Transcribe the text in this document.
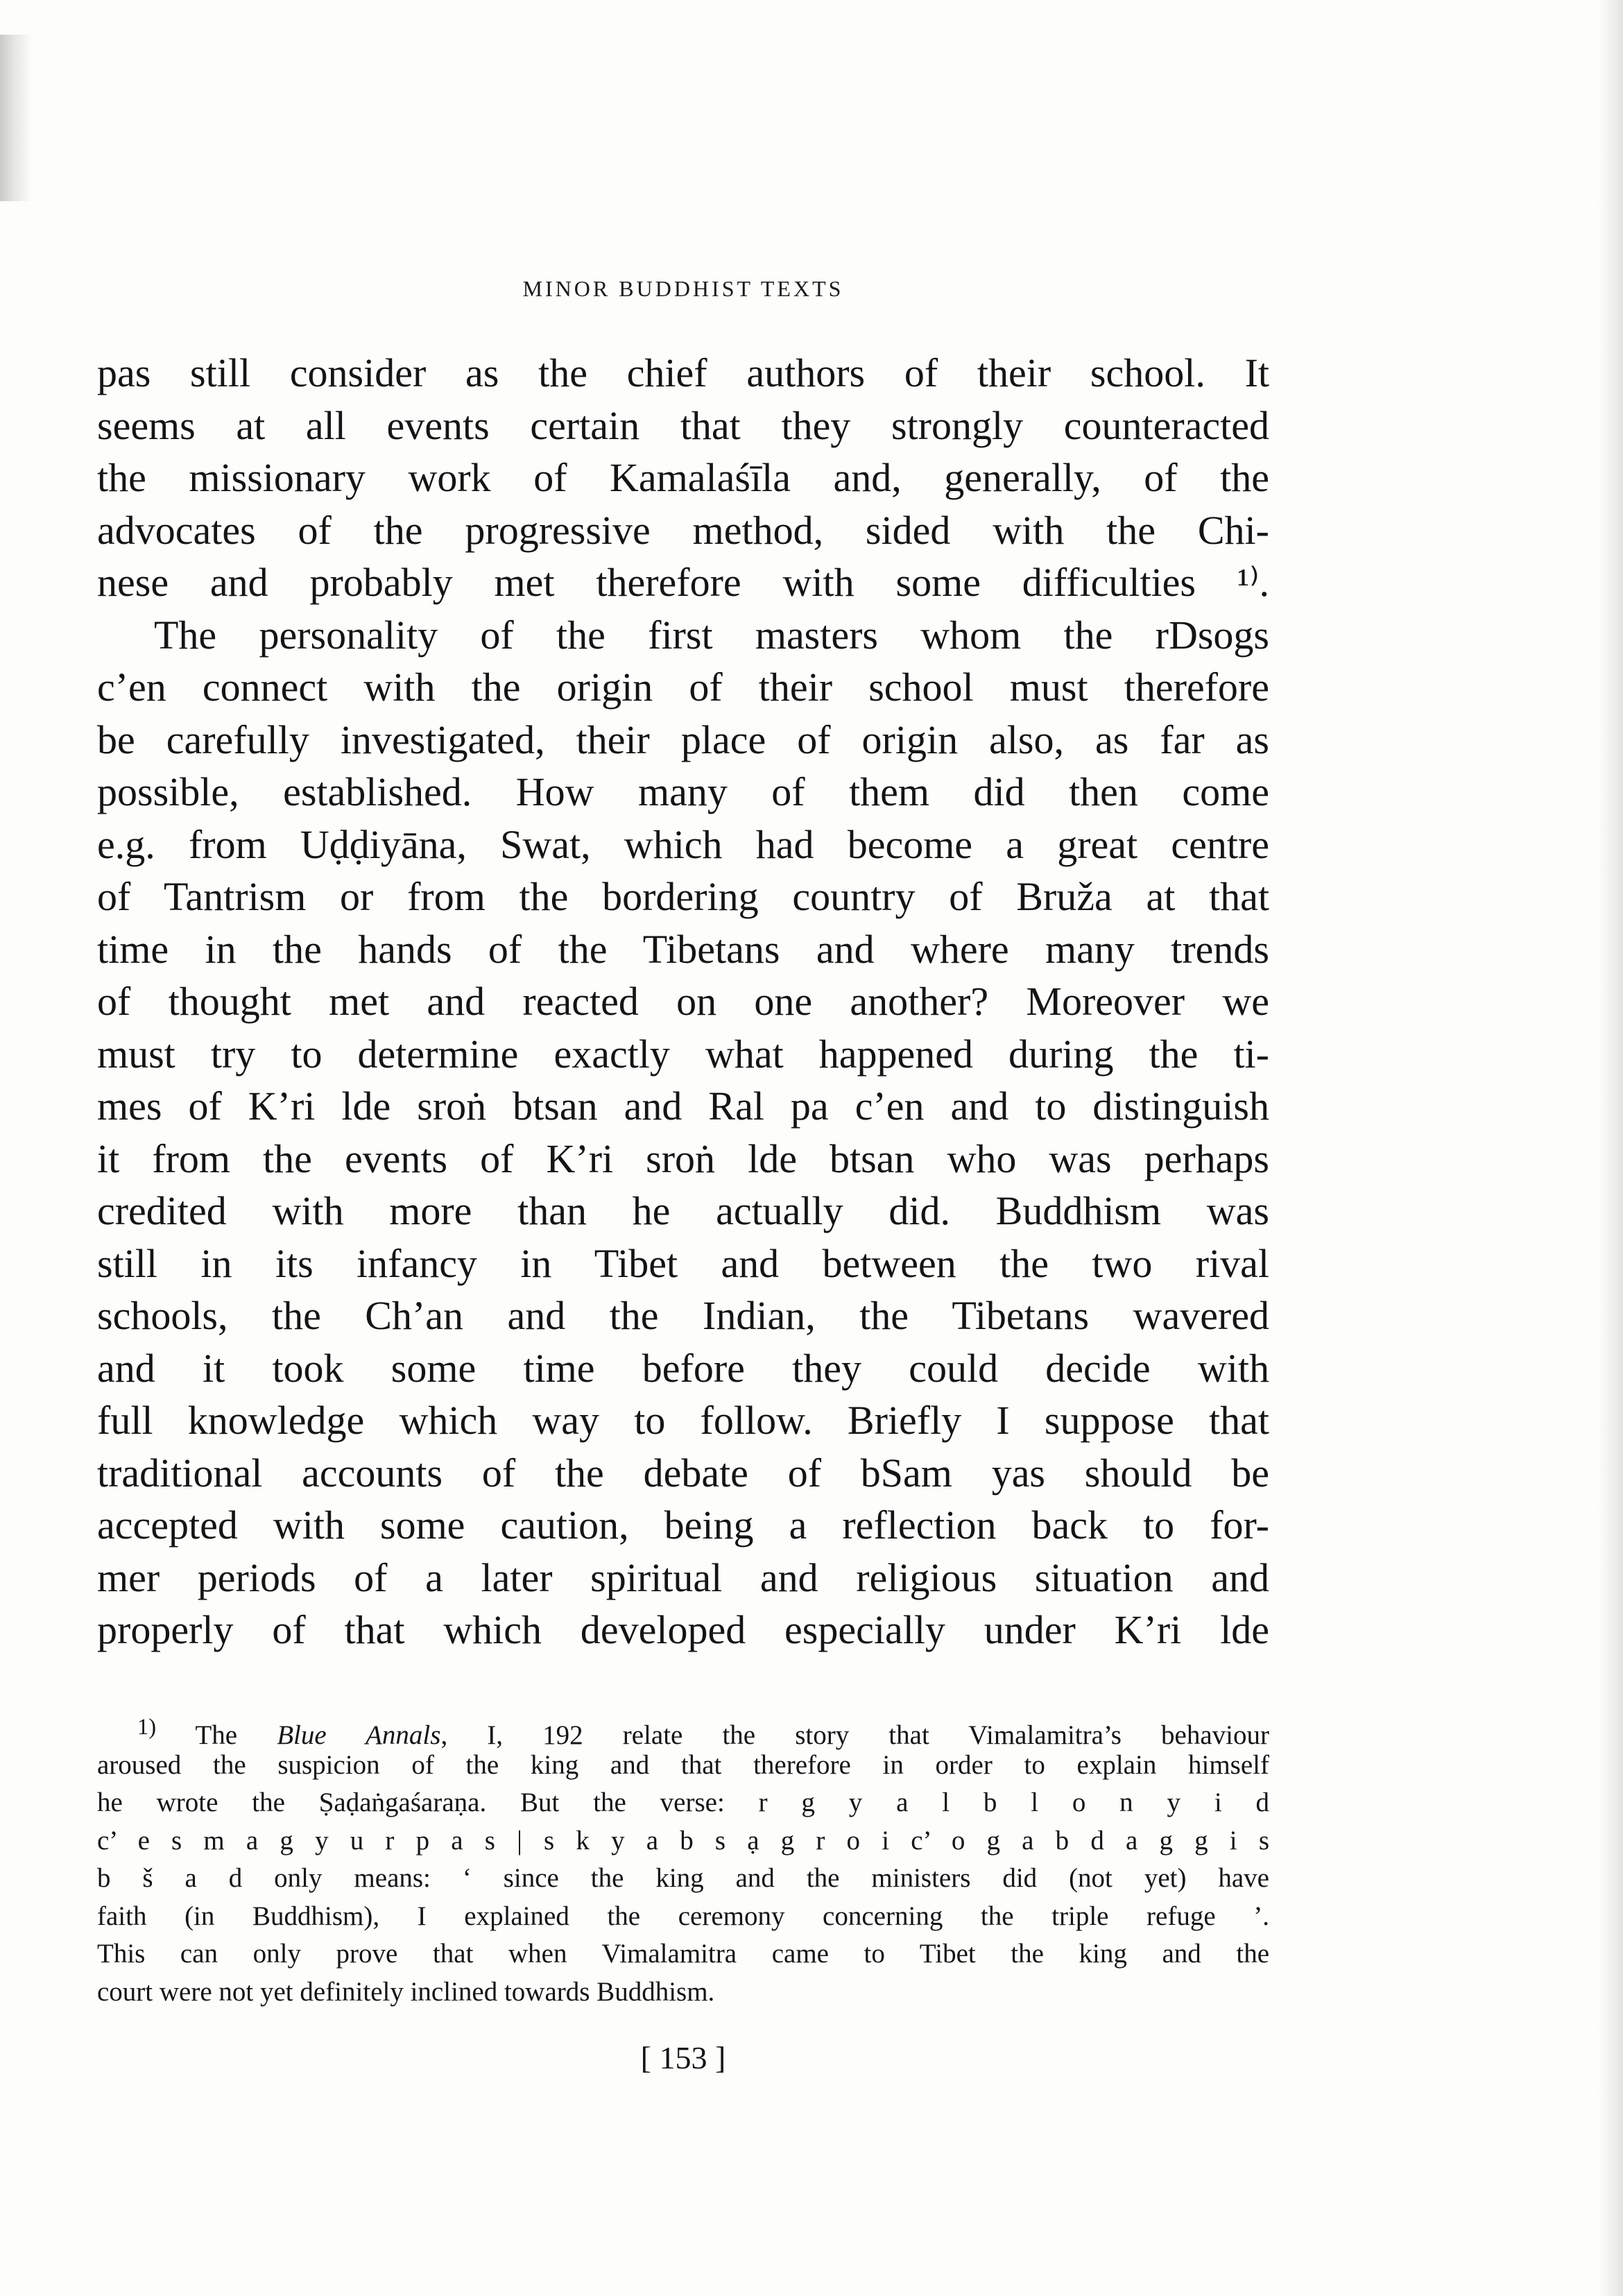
MINOR BUDDHIST TEXTS
pas still consider as the chief authors of their school. It
seems at all events certain that they strongly counteracted
the missionary work of Kamalaśīla and, generally, of the
advocates of the progressive method, sided with the Chi-
nese and probably met therefore with some difficulties ¹⁾.
The personality of the first masters whom the rDsogs
c’en connect with the origin of their school must therefore
be carefully investigated, their place of origin also, as far as
possible, established. How many of them did then come
e.g. from Uḍḍiyāna, Swat, which had become a great centre
of Tantrism or from the bordering country of Bruža at that
time in the hands of the Tibetans and where many trends
of thought met and reacted on one another? Moreover we
must try to determine exactly what happened during the ti-
mes of K’ri lde sroṅ btsan and Ral pa c’en and to distinguish
it from the events of K’ri sroṅ lde btsan who was perhaps
credited with more than he actually did. Buddhism was
still in its infancy in Tibet and between the two rival
schools, the Ch’an and the Indian, the Tibetans wavered
and it took some time before they could decide with
full knowledge which way to follow. Briefly I suppose that
traditional accounts of the debate of bSam yas should be
accepted with some caution, being a reflection back to for-
mer periods of a later spiritual and religious situation and
properly of that which developed especially under K’ri lde
$^{1)}$ The Blue Annals, I, 192 relate the story that Vimalamitra’s behaviour
aroused the suspicion of the king and that therefore in order to explain himself
he wrote the Ṣaḍaṅgaśaraṇa. But the verse: r g y a l b l o n y i d
c’ e s m a g y u r p a s | s k y a b s ạ g r o i c’ o g a b d a g g i s
b š a d only means: ‘ since the king and the ministers did (not yet) have
faith (in Buddhism), I explained the ceremony concerning the triple refuge ’.
This can only prove that when Vimalamitra came to Tibet the king and the
court were not yet definitely inclined towards Buddhism.
[ 153 ]
